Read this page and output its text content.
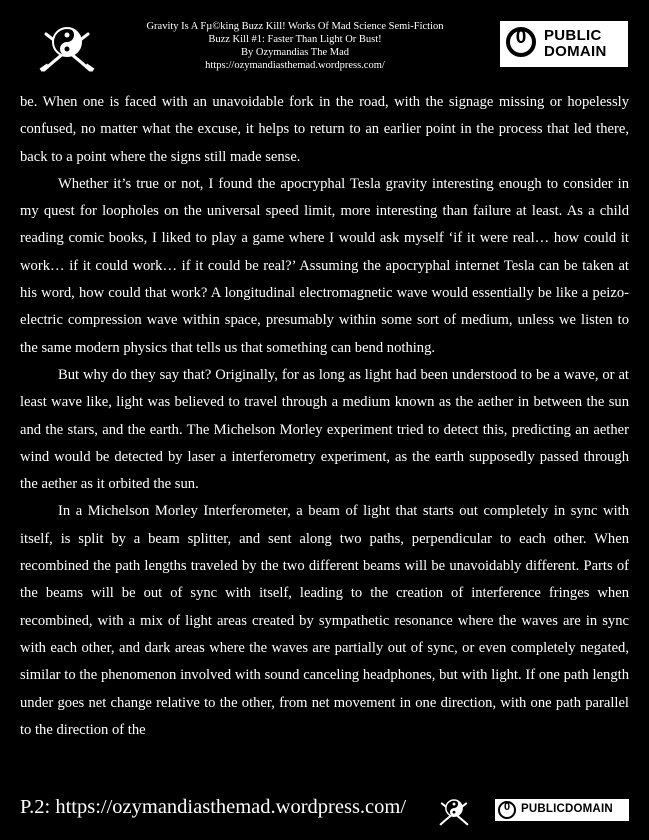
Gravity Is A Fµ©king Buzz Kill! Works Of Mad Science Semi-Fiction
Buzz Kill #1: Faster Than Light Or Bust!
By Ozymandias The Mad
https://ozymandiasthemad.wordpress.com/
0	PUBLIC
DOMAIN

be. When one is faced with an unavoidable fork in the road, with the signage missing or hopelessly confused, no matter what the excuse, it helps to return to an earlier point in the process that led there, back to a point where the signs still made sense.

Whether it’s true or not, I found the apocryphal Tesla gravity interesting enough to consider in my quest for loopholes on the universal speed limit, more interesting than failure at least. As a child reading comic books, I liked to play a game where I would ask myself ‘if it were real… how could it work… if it could work… if it could be real?’ Assuming the apocryphal internet Tesla can be taken at his word, how could that work? A longitudinal electromagnetic wave would essentially be like a peizo-electric compression wave within space, presumably within some sort of medium, unless we listen to the same modern physics that tells us that something can bend nothing.

But why do they say that? Originally, for as long as light had been understood to be a wave, or at least wave like, light was believed to travel through a medium known as the aether in between the sun and the stars, and the earth. The Michelson Morley experiment tried to detect this, predicting an aether wind would be detected by laser a interferometry experiment, as the earth supposedly passed through the aether as it orbited the sun.

In a Michelson Morley Interferometer, a beam of light that starts out completely in sync with itself, is split by a beam splitter, and sent along two paths, perpendicular to each other. When recombined the path lengths traveled by the two different beams will be unavoidably different. Parts of the beams will be out of sync with itself, leading to the creation of interference fringes when recombined, with a mix of light areas created by sympathetic resonance where the waves are in sync with each other, and dark areas where the waves are partially out of sync, or even completely negated, similar to the phenomenon involved with sound canceling headphones, but with light. If one path length under goes net change relative to the other, from net movement in one direction, with one path parallel to the direction of the

P.2: https://ozymandiasthemad.wordpress.com/	0 PUBLICDOMAIN
